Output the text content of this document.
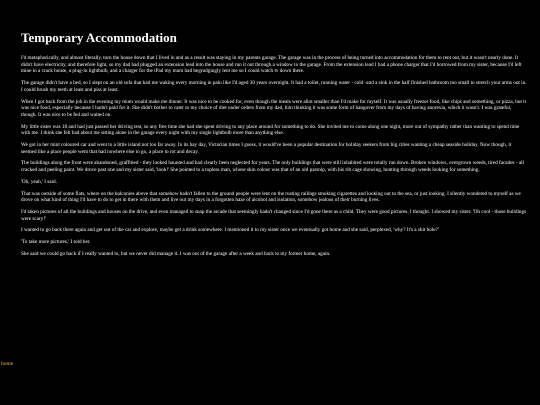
Temporary Accommodation

I'd metaphorically, and almost literally, torn the house down that I lived in and as a result was staying in my parents garage. The garage was in the process of being turned into accommodation for them to rent out, but it wasn't nearly done. It didn't have electricity, and therefore light, so my dad had plugged an extension lead into the house and run it out through a window to the garage. From the extension lead I had a phone charger that I'd borrowed from my sister, because I'd left mine in a crack house, a plug-in lightbulb, and a charger for the iPad my mum had begrudgingly lent me so I could watch tv down there.

The garage didn't have a bed, so I slept on an old sofa that had me waking every morning in pain like I'd aged 30 years overnight. It had a toilet, running water - cold -and a sink in the half finished bathroom too small to stretch your arms out in. I could brush my teeth at least and piss at least.

When I got back from the job in the evening my mum would make me dinner. It was nice to be cooked for, even though the meals were allot smaller than I'd make for myself. It was usually freezer food, like chips and something, or pizza, but it was nice food, especially because I hadn't paid for it. She didn't bother to cater to my choice of diet under orders from my dad, him thinking it was some form of hangover from my days of having anorexia, which it wasn't. I was grateful, though. It was nice to be fed and waited on.

My little sister was 18 and had just passed her driving test, so any free time she had she spent driving to any place around for something to do. She invited me to come along one night, more out of sympathy rather than wanting to spend time with me. I think she felt bad about me sitting alone in the garage every night with my single lightbulb more than anything else.

We got in her mint coloured car and went to a little island not too far away. In its hay day, Victorian times I guess, it would've been a popular destination for holiday seekers from big cities wanting a cheap seaside holiday. Now though, it seemed like a place people went that had nowhere else to go, a place to rot and decay.

The buildings along the front were abandoned, graffitied - they looked haunted and had clearly been neglected for years. The only buildings that were still inhabited were totally run down. Broken windows, overgrown weeds, tired facades - all cracked and peeling paint. We drove past one and my sister said, 'look!' She pointed to a topless man, whose skin colour was that of an old parsnip, with his rib cage showing, hunting through weeds looking for something.

'Oh, yeah,' I said.

That was outside of some flats, where on the balconies above that somehow hadn't fallen to the ground people were lent on the rusting railings smoking cigarettes and looking out to the sea, or just looking. I silently wondered to myself as we drove on what kind of thing I'd have to do to get in there with them and live out my days in a forgotten haze of alcohol and isolation, somehow jealous of their burning lives.

I'd taken pictures of all the buildings and houses on the drive, and even managed to snap the arcade that seemingly hadn't changed since I'd gone there as a child. They were good pictures, I thought. I showed my sister. 'Oh cool - those buildings were scary!'

I wanted to go back there again and get out of the car and explore, maybe get a drink somewhere. I mentioned it to my sister once we eventually got home and she said, perplexed, 'why? It's a shit hole?'

'To take more pictures,' I told her.

She said we could go back if I really wanted to, but we never did manage it. I was out of the garage after a week and back to my former home, again.

home
